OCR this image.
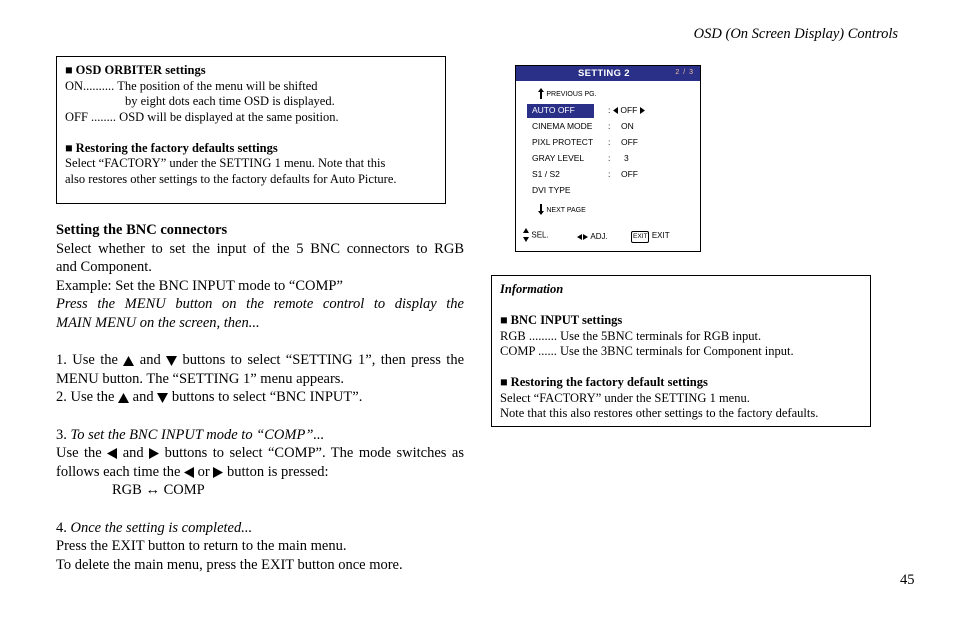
OSD (On Screen Display) Controls
45
■ OSD ORBITER settings
ON.......... The position of the menu will be shifted
by eight dots each time OSD is displayed.
OFF ........ OSD will be displayed at the same position.
■ Restoring the factory defaults settings
Select “FACTORY” under the SETTING 1 menu. Note that this
also restores other settings to the factory defaults for Auto Picture.
Setting the BNC connectors
Select whether to set the input of the 5 BNC connectors to RGB
and Component.
Example: Set the BNC INPUT mode to “COMP”
Press the MENU button on the remote control to display the
MAIN MENU on the screen, then...
1. Use the  and  buttons to select “SETTING 1”, then press the
MENU button. The “SETTING 1” menu appears.
2. Use the  and  buttons to select “BNC INPUT”.
3. To set the BNC INPUT mode to “COMP”...
Use the  and  buttons to select “COMP”. The mode switches as
follows each time the  or  button is pressed:
RGB ↔ COMP
4. Once the setting is completed...
Press the EXIT button to return to the main menu.
To delete the main menu, press the EXIT button once more.
SETTING 2	2 / 3
PREVIOUS PG.
AUTO OFF	:	OFF
CINEMA MODE : ON
PIXL PROTECT : OFF
GRAY LEVEL	: 3
S1 / S2	: OFF
DVI TYPE
NEXT PAGE
SEL.	ADJ.	EXIT EXIT
Information
■ BNC INPUT settings
RGB ......... Use the 5BNC terminals for RGB input.
COMP ...... Use the 3BNC terminals for Component input.
■ Restoring the factory default settings
Select “FACTORY” under the SETTING 1 menu.
Note that this also restores other settings to the factory defaults.
